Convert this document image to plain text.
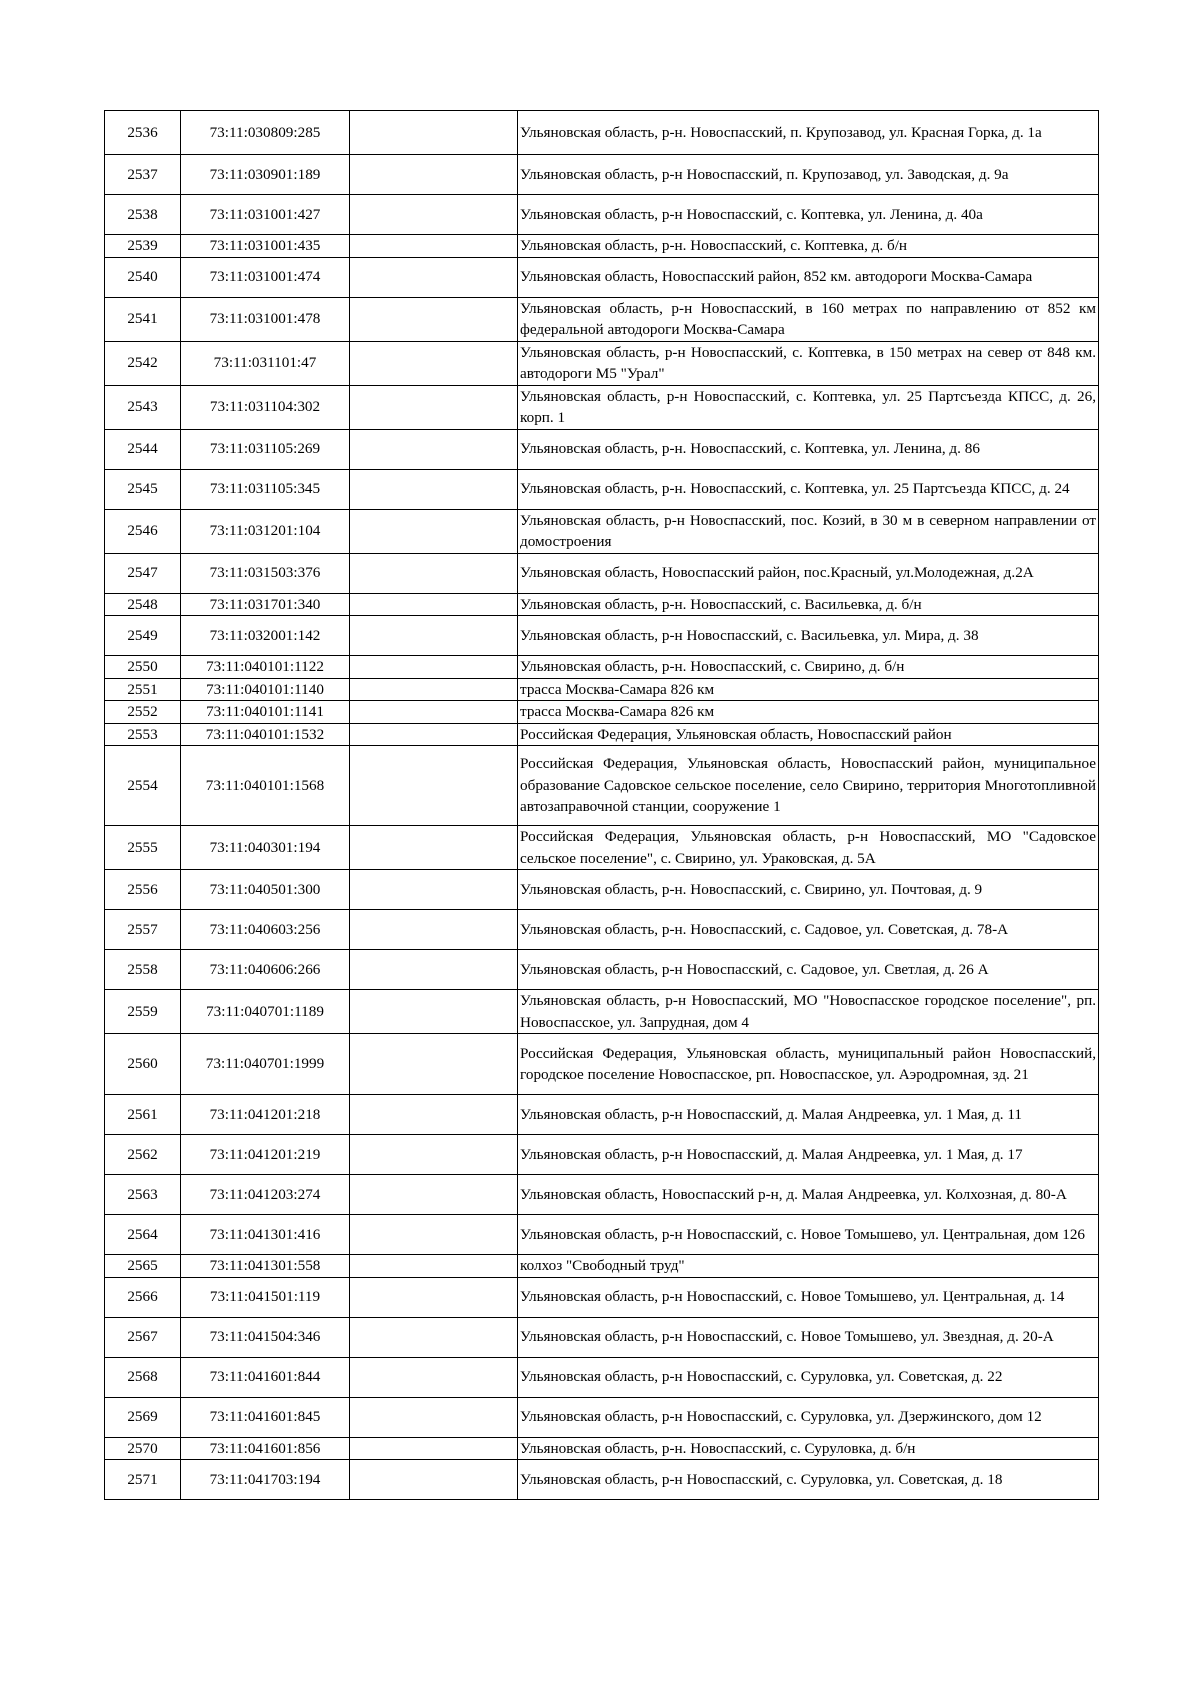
2536	73:11:030809:285		Ульяновская область, р-н. Новоспасский, п. Крупозавод, ул. Красная Горка, д. 1а
2537	73:11:030901:189		Ульяновская область, р-н Новоспасский, п. Крупозавод, ул. Заводская, д. 9а
2538	73:11:031001:427		Ульяновская область, р-н Новоспасский, с. Коптевка, ул. Ленина, д. 40а
2539	73:11:031001:435		Ульяновская область, р-н. Новоспасский, с. Коптевка, д. б/н
2540	73:11:031001:474		Ульяновская область, Новоспасский район, 852 км. автодороги Москва-Самара
2541	73:11:031001:478		Ульяновская область, р-н Новоспасский, в 160 метрах по направлению от 852 км федеральной автодороги Москва-Самара
2542	73:11:031101:47		Ульяновская область, р-н Новоспасский, с. Коптевка, в 150 метрах на север от 848 км. автодороги М5 "Урал"
2543	73:11:031104:302		Ульяновская область, р-н Новоспасский, с. Коптевка, ул. 25 Партсъезда КПСС, д. 26, корп. 1
2544	73:11:031105:269		Ульяновская область, р-н. Новоспасский, с. Коптевка, ул. Ленина, д. 86
2545	73:11:031105:345		Ульяновская область, р-н. Новоспасский, с. Коптевка, ул. 25 Партсъезда КПСС, д. 24
2546	73:11:031201:104		Ульяновская область, р-н Новоспасский, пос. Козий, в 30 м в северном направлении от домостроения
2547	73:11:031503:376		Ульяновская область, Новоспасский район, пос.Красный, ул.Молодежная, д.2А
2548	73:11:031701:340		Ульяновская область, р-н. Новоспасский, с. Васильевка, д. б/н
2549	73:11:032001:142		Ульяновская область, р-н Новоспасский, с. Васильевка, ул. Мира, д. 38
2550	73:11:040101:1122		Ульяновская область, р-н. Новоспасский, с. Свирино, д. б/н
2551	73:11:040101:1140		трасса Москва-Самара 826 км
2552	73:11:040101:1141		трасса Москва-Самара 826 км
2553	73:11:040101:1532		Российская Федерация, Ульяновская область, Новоспасский район
2554	73:11:040101:1568		Российская Федерация, Ульяновская область, Новоспасский район, муниципальное образование Садовское сельское поселение, село Свирино, территория Многотопливной автозаправочной станции, сооружение 1
2555	73:11:040301:194		Российская Федерация, Ульяновская область, р-н Новоспасский, МО "Садовское сельское поселение", с. Свирино, ул. Ураковская, д. 5А
2556	73:11:040501:300		Ульяновская область, р-н. Новоспасский, с. Свирино, ул. Почтовая, д. 9
2557	73:11:040603:256		Ульяновская область, р-н. Новоспасский, с. Садовое, ул. Советская, д. 78-А
2558	73:11:040606:266		Ульяновская область, р-н Новоспасский, с. Садовое, ул. Светлая, д. 26 А
2559	73:11:040701:1189		Ульяновская область, р-н Новоспасский, МО "Новоспасское городское поселение", рп. Новоспасское, ул. Запрудная, дом 4
2560	73:11:040701:1999		Российская Федерация, Ульяновская область, муниципальный район Новоспасский, городское поселение Новоспасское, рп. Новоспасское, ул. Аэродромная, зд. 21
2561	73:11:041201:218		Ульяновская область, р-н Новоспасский, д. Малая Андреевка, ул. 1 Мая, д. 11
2562	73:11:041201:219		Ульяновская область, р-н Новоспасский, д. Малая Андреевка, ул. 1 Мая, д. 17
2563	73:11:041203:274		Ульяновская область, Новоспасский р-н, д. Малая Андреевка, ул. Колхозная, д. 80-А
2564	73:11:041301:416		Ульяновская область, р-н Новоспасский, с. Новое Томышево, ул. Центральная, дом 126
2565	73:11:041301:558		колхоз "Свободный труд"
2566	73:11:041501:119		Ульяновская область, р-н Новоспасский, с. Новое Томышево, ул. Центральная, д. 14
2567	73:11:041504:346		Ульяновская область, р-н Новоспасский, с. Новое Томышево, ул. Звездная, д. 20-А
2568	73:11:041601:844		Ульяновская область, р-н Новоспасский, с. Суруловка, ул. Советская, д. 22
2569	73:11:041601:845		Ульяновская область, р-н Новоспасский, с. Суруловка, ул. Дзержинского, дом 12
2570	73:11:041601:856		Ульяновская область, р-н. Новоспасский, с. Суруловка, д. б/н
2571	73:11:041703:194		Ульяновская область, р-н Новоспасский, с. Суруловка, ул. Советская, д. 18
